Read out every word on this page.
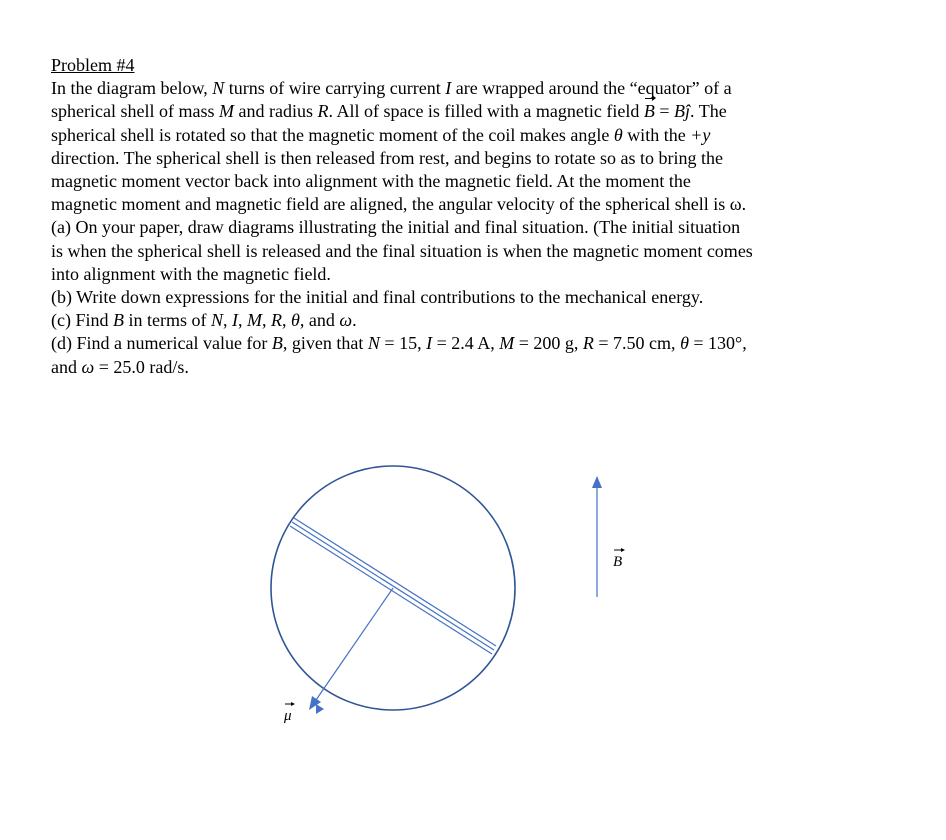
Problem #4
In the diagram below, N turns of wire carrying current I are wrapped around the “equator” of a
spherical shell of mass M and radius R. All of space is filled with a magnetic field B = Bĵ. The
spherical shell is rotated so that the magnetic moment of the coil makes angle θ with the +y
direction. The spherical shell is then released from rest, and begins to rotate so as to bring the
magnetic moment vector back into alignment with the magnetic field. At the moment the
magnetic moment and magnetic field are aligned, the angular velocity of the spherical shell is ω.
(a) On your paper, draw diagrams illustrating the initial and final situation. (The initial situation
is when the spherical shell is released and the final situation is when the magnetic moment comes
into alignment with the magnetic field.
(b) Write down expressions for the initial and final contributions to the mechanical energy.
(c) Find B in terms of N, I, M, R, θ, and ω.
(d) Find a numerical value for B, given that N = 15, I = 2.4 A, M = 200 g, R = 7.50 cm, θ = 130°,
and ω = 25.0 rad/s.
μ
B
